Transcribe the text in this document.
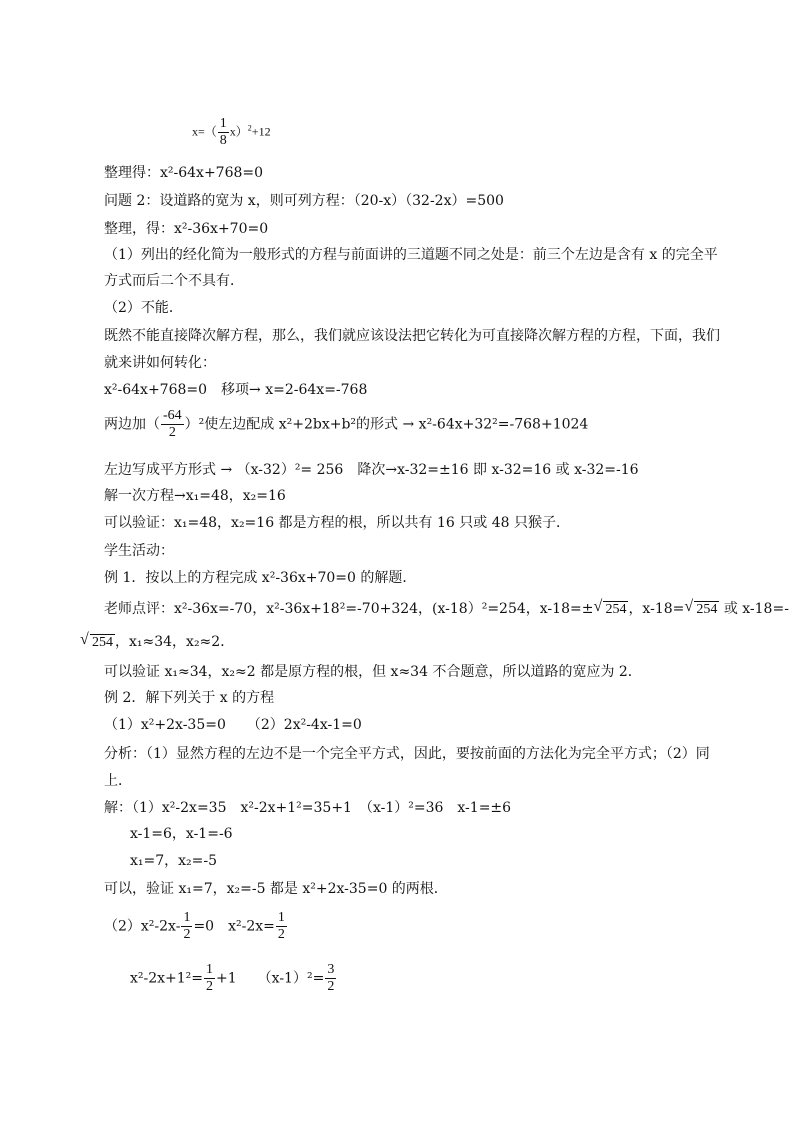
$x=( \frac{1}{8} x)^2+12$
整理得：x²-64x+768=0
问题 2：设道路的宽为 x，则可列方程：（20-x）（32-2x）=500
整理，得：x²-36x+70=0
（1）列出的经化简为一般形式的方程与前面讲的三道题不同之处是：前三个左边是含有 x 的完全平
方式而后二个不具有．
（2）不能．
既然不能直接降次解方程，那么，我们就应该设法把它转化为可直接降次解方程的方程，下面，我们
就来讲如何转化：
x²-64x+768=0　移项→ x=2-64x=-768
两边加（ $\frac{-64}{2} )^2$使左边配成 x²+2bx+b²的形式 → x²-64x+32²=-768+1024
左边写成平方形式 → （x-32）²= 256　降次→x-32=±16 即 x-32=16 或 x-32=-16
解一次方程→x₁=48，x₂=16
可以验证：x₁=48，x₂=16 都是方程的根，所以共有 16 只或 48 只猴子．
学生活动：
例 1．按以上的方程完成 x²-36x+70=0 的解题．
老师点评：x²-36x=-70，x²-36x+18²=-70+324，(x-18）²=254，x-18=± √ 254 ，x-18= √ 254 或 x-18=-
√ 254 ，x₁≈34，x₂≈2．
可以验证 x₁≈34，x₂≈2 都是原方程的根，但 x≈34 不合题意，所以道路的宽应为 2．
例 2．解下列关于 x 的方程
（1）x²+2x-35=0　　（2）2x²-4x-1=0
分析：（1）显然方程的左边不是一个完全平方式，因此，要按前面的方法化为完全平方式；（2）同
上．
解：（1）x²-2x=35　x²-2x+1²=35+1　（x-1）²=36　x-1=±6
x-1=6，x-1=-6
x₁=7，x₂=-5
可以，验证 x₁=7，x₂=-5 都是 x²+2x-35=0 的两根．
$(2)x^2-2x- \frac{1}{2} =0$　$x^2-2x= \frac{1}{2}$
$x^2-2x+1^2= \frac{1}{2} +1$　　$(x-1)^2= \frac{3}{2}$
